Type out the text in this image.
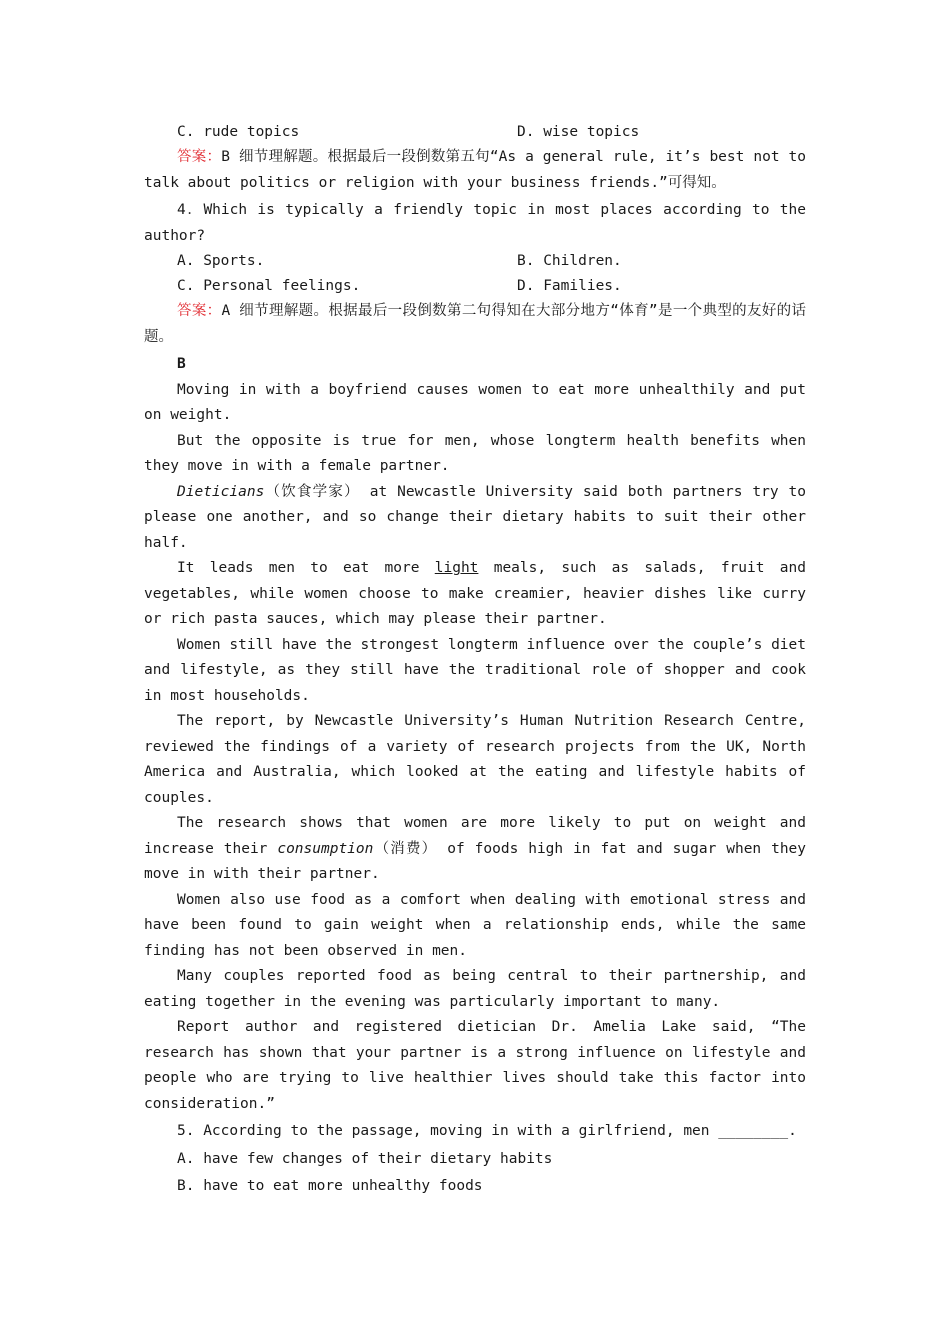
C. rude topics	D. wise topics

答案：B 细节理解题。根据最后一段倒数第五句“As a general rule, it’s best not to talk about politics or religion with your business friends.”可得知。

4．Which is typically a friendly topic in most places according to the author?

A. Sports.	B. Children.
C. Personal feelings.	D. Families.

答案：A 细节理解题。根据最后一段倒数第二句得知在大部分地方“体育”是一个典型的友好的话题。

B

Moving in with a boyfriend causes women to eat more unhealthily and put on weight.

But the opposite is true for men, whose longterm health benefits when they move in with a female partner.

Dieticians（饮食学家） at Newcastle University said both partners try to please one another, and so change their dietary habits to suit their other half.

It leads men to eat more light meals, such as salads, fruit and vegetables, while women choose to make creamier, heavier dishes like curry or rich pasta sauces, which may please their partner.

Women still have the strongest longterm influence over the couple’s diet and lifestyle, as they still have the traditional role of shopper and cook in most households.

The report, by Newcastle University’s Human Nutrition Research Centre, reviewed the findings of a variety of research projects from the UK, North America and Australia, which looked at the eating and lifestyle habits of couples.

The research shows that women are more likely to put on weight and increase their consumption（消费） of foods high in fat and sugar when they move in with their partner.

Women also use food as a comfort when dealing with emotional stress and have been found to gain weight when a relationship ends, while the same finding has not been observed in men.

Many couples reported food as being central to their partnership, and eating together in the evening was particularly important to many.

Report author and registered dietician Dr. Amelia Lake said, “The research has shown that your partner is a strong influence on lifestyle and people who are trying to live healthier lives should take this factor into consideration.”

5. According to the passage, moving in with a girlfriend, men ________.

A. have few changes of their dietary habits

B. have to eat more unhealthy foods
